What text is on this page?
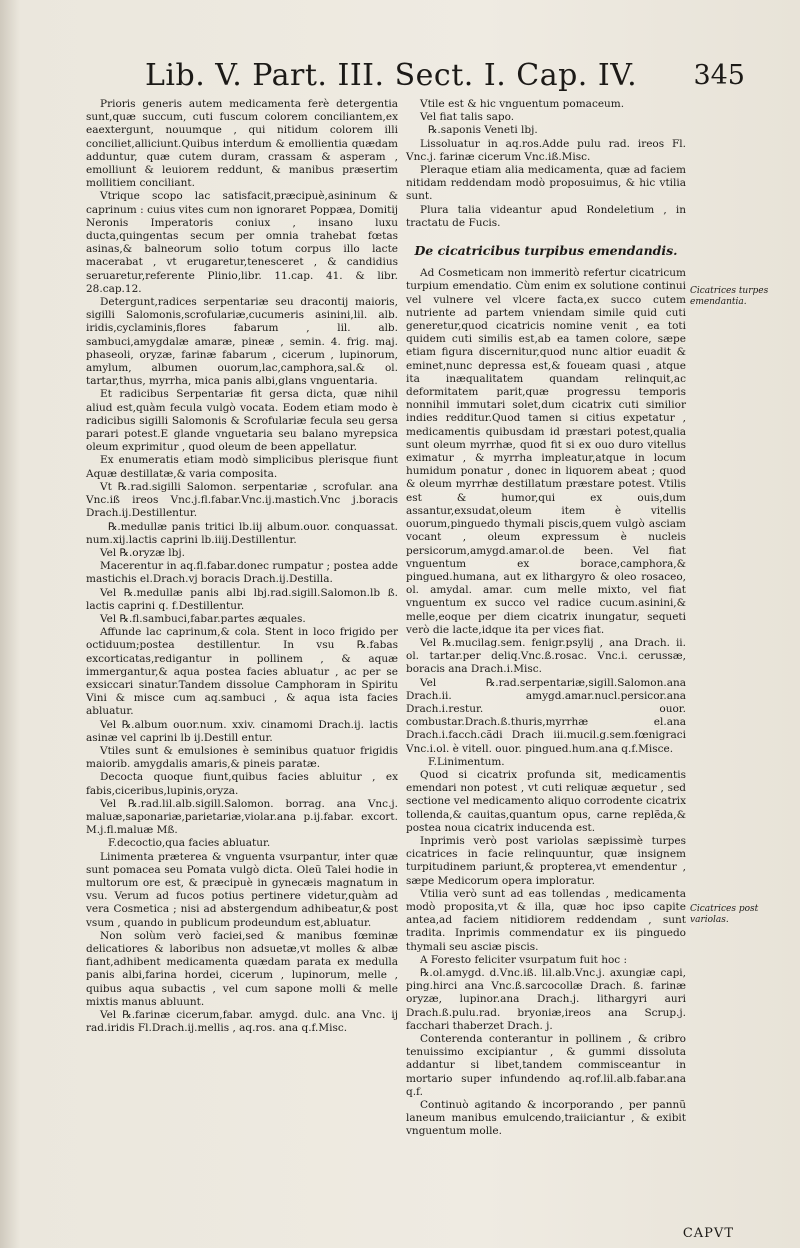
Lib. V. Part. III. Sect. I. Cap. IV. 345

Prioris generis autem medicamenta ferè detergentia sunt,quæ succum, cuti fuscum colorem conciliantem,ex eaextergunt, nouumque , qui nitidum colorem illi conciliet,alliciunt.Quibus interdum & emollientia quædam adduntur, quæ cutem duram, crassam & asperam , emolliunt & leuiorem reddunt, & manibus præsertim mollitiem conciliant.

Vtrique scopo lac satisfacit,præcipuè,asininum & caprinum : cuius vites cum non ignoraret Poppæa, Domitij Neronis Imperatoris coniux , insano luxu ducta,quingentas secum per omnia trahebat fœtas asinas,& balneorum solio totum corpus illo lacte macerabat , vt erugaretur,tenesceret , & candidius seruaretur,referente Plinio,libr. 11.cap. 41. & libr. 28.cap.12.

Detergunt,radices serpentariæ seu dracontij maioris, sigilli Salomonis,scrofulariæ,cucumeris asinini,lil. alb. iridis,cyclaminis,flores fabarum , lil. alb. sambuci,amygdalæ amaræ, pineæ , semin. 4. frig. maj. phaseoli, oryzæ, farinæ fabarum , cicerum , lupinorum, amylum, albumen ouorum,lac,camphora,sal.& ol. tartar,thus, myrrha, mica panis albi,glans vnguentaria.

Et radicibus Serpentariæ fit gersa dicta, quæ nihil aliud est,quàm fecula vulgò vocata. Eodem etiam modo è radicibus sigilli Salomonis & Scrofulariæ fecula seu gersa parari potest.E glande vnguetaria seu balano myrepsica oleum exprimitur , quod oleum de been appellatur.

Ex enumeratis etiam modò simplicibus plerisque fiunt Aquæ destillatæ,& varia composita.

Vt ℞.rad.sigilli Salomon. serpentariæ , scrofular. ana Vnc.iß ireos Vnc.j.fl.fabar.Vnc.ij.mastich.Vnc j.boracis Drach.ij.Destillentur.

℞.medullæ panis tritici lb.iij album.ouor. conquassat. num.xij.lactis caprini lb.iiij.Destillentur.

Vel ℞.oryzæ lbj.

Macerentur in aq.fl.fabar.donec rumpatur ; postea adde mastichis el.Drach.vj boracis Drach.ij.Destilla.

Vel ℞.medullæ panis albi lbj.rad.sigill.Salomon.lb ß. lactis caprini q. f.Destillentur.

Vel ℞.fl.sambuci,fabar.partes æquales.

Affunde lac caprinum,& cola. Stent in loco frigido per octiduum;postea destillentur. In vsu ℞.fabas excorticatas,redigantur in pollinem , & aquæ immergantur,& aqua postea facies abluatur , ac per se exsiccari sinatur.Tandem dissolue Camphoram in Spiritu Vini & misce cum aq.sambuci , & aqua ista facies abluatur.

Vel ℞.album ouor.num. xxiv. cinamomi Drach.ij. lactis asinæ vel caprini lb ij.Destill entur.

Vtiles sunt & emulsiones è seminibus quatuor frigidis maiorib. amygdalis amaris,& pineis paratæ.

Decocta quoque fiunt,quibus facies abluitur , ex fabis,ciceribus,lupinis,oryza.

Vel ℞.rad.lil.alb.sigill.Salomon. borrag. ana Vnc.j. maluæ,saponariæ,parietariæ,violar.ana p.ij.fabar. excort. M.j.fl.maluæ Mß.

F.decoctio,qua facies abluatur.

Linimenta præterea & vnguenta vsurpantur, inter quæ sunt pomacea seu Pomata vulgò dicta. Oleũ Talei hodie in multorum ore est, & præcipuè in gynecæis magnatum in vsu. Verum ad fucos potius pertinere videtur,quàm ad vera Cosmetica ; nisi ad abstergendum adhibeatur,& post vsum , quando in publicum prodeundum est,abluatur.

Non solùm verò faciei,sed & manibus fœminæ delicatiores & laboribus non adsuetæ,vt molles & albæ fiant,adhibent medicamenta quædam parata ex medulla panis albi,farina hordei, cicerum , lupinorum, melle , quibus aqua subactis , vel cum sapone molli & melle mixtis manus abluunt.

Vel ℞.farinæ cicerum,fabar. amygd. dulc. ana Vnc. ij rad.iridis Fl.Drach.ij.mellis , aq.ros. ana q.f.Misc.

Vtile est & hic vnguentum pomaceum.

Vel fiat talis sapo.

℞.saponis Veneti lbj.

Lissoluatur in aq.ros.Adde pulu rad. ireos Fl. Vnc.j. farinæ cicerum Vnc.iß.Misc.

Pleraque etiam alia medicamenta, quæ ad faciem nitidam reddendam modò proposuimus, & hic vtilia sunt.

Plura talia videantur apud Rondeletium , in tractatu de Fucis.

De cicatricibus turpibus emendandis.

Ad Cosmeticam non immeritò refertur cicatricum turpium emendatio. Cùm enim ex solutione continui vel vulnere vel vlcere facta,ex succo cutem nutriente ad partem vniendam simile quid cuti generetur,quod cicatricis nomine venit , ea toti quidem cuti similis est,ab ea tamen colore, sæpe etiam figura discernitur,quod nunc altior euadit & eminet,nunc depressa est,& foueam quasi , atque ita inæqualitatem quandam relinquit,ac deformitatem parit,quæ progressu temporis nonnihil immutari solet,dum cicatrix cuti similior indies redditur.Quod tamen si citius expetatur , medicamentis quibusdam id præstari potest,qualia sunt oleum myrrhæ, quod fit si ex ouo duro vitellus eximatur , & myrrha impleatur,atque in locum humidum ponatur , donec in liquorem abeat ; quod & oleum myrrhæ destillatum præstare potest. Vtilis est & humor,qui ex ouis,dum assantur,exsudat,oleum item è vitellis ouorum,pinguedo thymali piscis,quem vulgò asciam vocant , oleum expressum è nucleis persicorum,amygd.amar.ol.de been. Vel fiat vnguentum ex borace,camphora,& pingued.humana, aut ex lithargyro & oleo rosaceo, ol. amydal. amar. cum melle mixto, vel fiat vnguentum ex succo vel radice cucum.asinini,& melle,eoque per diem cicatrix inungatur, sequeti verò die lacte,idque ita per vices fiat.

Vel ℞.mucilag.sem. fenigr.psylij , ana Drach. ii. ol. tartar.per deliq.Vnc.ß.rosac. Vnc.i. cerussæ, boracis ana Drach.i.Misc.

Vel ℞.rad.serpentariæ,sigill.Salomon.ana Drach.ii. amygd.amar.nucl.persicor.ana Drach.i.restur. ouor. combustar.Drach.ß.thuris,myrrhæ el.ana Drach.i.facch.cãdi Drach iii.mucil.g.sem.fœnigraci Vnc.i.ol. è vitell. ouor. pingued.hum.ana q.f.Misce.

F.Linimentum.

Quod si cicatrix profunda sit, medicamentis emendari non potest , vt cuti reliquæ æquetur , sed sectione vel medicamento aliquo corrodente cicatrix tollenda,& cauitas,quantum opus, carne replẽda,& postea noua cicatrix inducenda est.

Inprimis verò post variolas sæpissimè turpes cicatrices in facie relinquuntur, quæ insignem turpitudinem pariunt,& propterea,vt emendentur , sæpe Medicorum opera imploratur.

Vtilia verò sunt ad eas tollendas , medicamenta modò proposita,vt & illa, quæ hoc ipso capite antea,ad faciem nitidiorem reddendam , sunt tradita. Inprimis commendatur ex iis pinguedo thymali seu asciæ piscis.

A Foresto feliciter vsurpatum fuit hoc :

℞.ol.amygd. d.Vnc.iß. lil.alb.Vnc.j. axungiæ capi, ping.hirci ana Vnc.ß.sarcocollæ Drach. ß. farinæ oryzæ, lupinor.ana Drach.j. lithargyri auri Drach.ß.pulu.rad. bryoniæ,ireos ana Scrup.j. facchari thaberzet Drach. j.

Conterenda conterantur in pollinem , & cribro tenuissimo excipiantur , & gummi dissoluta addantur si libet,tandem commisceantur in mortario super infundendo aq.rof.lil.alb.fabar.ana q.f.

Continuò agitando & incorporando , per pannũ laneum manibus emulcendo,traiiciantur , & exibit vnguentum molle.

Cicatrices turpes emendantia.
Cicatrices post variolas.
CAPVT
